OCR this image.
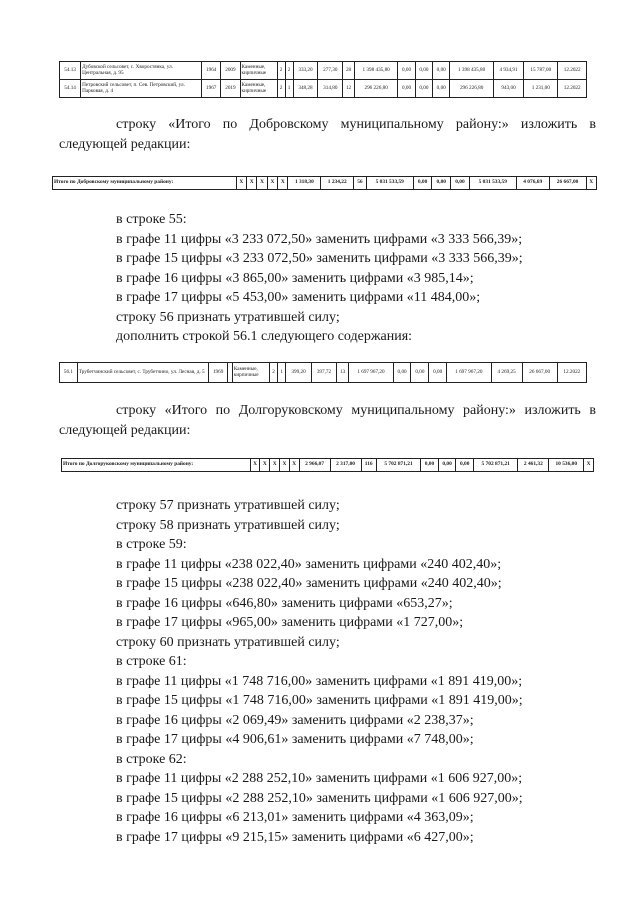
54.13	Дубовской сельсовет, с. Хворостянка, ул. Центральная, д. 95	1964	2009	Каменные, кирпичные	2	2	333,20	277,30	28	1 398 435,80	0,00	0,00	0,00	1 398 435,80	4 934,91	15 787,00	12.2022
54.14	Петровский сельсовет, п. Сев. Петровский, ул. Парковая, д. 4	1967	2019	Каменные, кирпичные	2	1	348,28	314,80	12	296 226,80	0,00	0,00	0,00	296 226,80	943,00	1 231,00	12.2022

строку «Итого по Добровскому муниципальному району:» изложить в следующей редакции:

Итого по Добровскому муниципальному району:	X	X	X	X	X	1 318,30	1 234,22	56	5 031 533,59	0,00	0,00	0,00	5 031 533,59	4 076,69	26 667,00	X
в строке 55:
в графе 11 цифры «3 233 072,50» заменить цифрами «3 333 566,39»;
в графе 15 цифры «3 233 072,50» заменить цифрами «3 333 566,39»;
в графе 16 цифры «3 865,00» заменить цифрами «3 985,14»;
в графе 17 цифры «5 453,00» заменить цифрами «11 484,00»;
строку 56 признать утратившей силу;
дополнить строкой 56.1 следующего содержания:
56.1	Трубетчинский сельсовет, с. Трубетчино, ул. Лесная, д. 5	1969		Каменные, кирпичные	2	1	399,20	397,72	13	1 697 967,20	0,00	0,00	0,00	1 697 967,20	4 269,25	26 667,00	12.2022

строку «Итого по Долгоруковскому муниципальному району:» изложить в следующей редакции:

Итого по Долгоруковскому муниципальному району:	X	X	X	X	X	2 966,07	2 317,00	116	5 702 871,21	0,00	0,00	0,00	5 702 871,21	2 461,32	10 536,00	X
строку 57 признать утратившей силу;
строку 58 признать утратившей силу;
в строке 59:
в графе 11 цифры «238 022,40» заменить цифрами «240 402,40»;
в графе 15 цифры «238 022,40» заменить цифрами «240 402,40»;
в графе 16 цифры «646,80» заменить цифрами «653,27»;
в графе 17 цифры «965,00» заменить цифрами «1 727,00»;
строку 60 признать утратившей силу;
в строке 61:
в графе 11 цифры «1 748 716,00» заменить цифрами «1 891 419,00»;
в графе 15 цифры «1 748 716,00» заменить цифрами «1 891 419,00»;
в графе 16 цифры «2 069,49» заменить цифрами «2 238,37»;
в графе 17 цифры «4 906,61» заменить цифрами «7 748,00»;
в строке 62:
в графе 11 цифры «2 288 252,10» заменить цифрами «1 606 927,00»;
в графе 15 цифры «2 288 252,10» заменить цифрами «1 606 927,00»;
в графе 16 цифры «6 213,01» заменить цифрами «4 363,09»;
в графе 17 цифры «9 215,15» заменить цифрами «6 427,00»;
